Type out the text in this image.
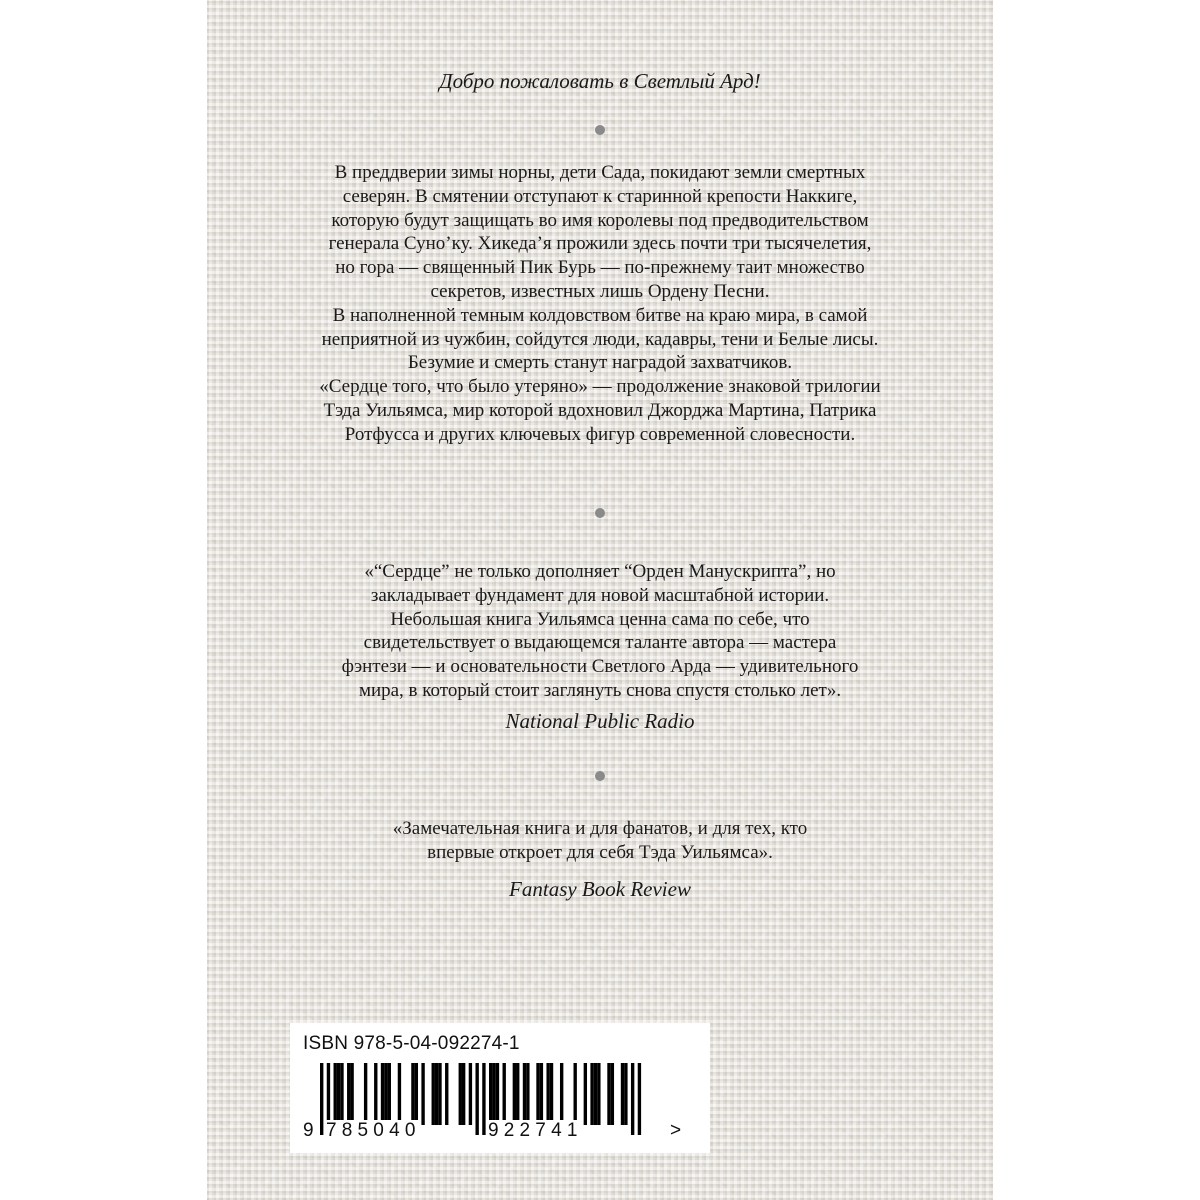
Добро пожаловать в Светлый Ард!
В преддверии зимы норны, дети Сада, покидают земли смертных
северян. В смятении отступают к старинной крепости Наккиге,
которую будут защищать во имя королевы под предводительством
генерала Суно’ку. Хикеда’я прожили здесь почти три тысячелетия,
но гора — священный Пик Бурь — по-прежнему таит множество
секретов, известных лишь Ордену Песни.
В наполненной темным колдовством битве на краю мира, в самой
неприятной из чужбин, сойдутся люди, кадавры, тени и Белые лисы.
Безумие и смерть станут наградой захватчиков.
«Сердце того, что было утеряно» — продолжение знаковой трилогии
Тэда Уильямса, мир которой вдохновил Джорджа Мартина, Патрика
Ротфусса и других ключевых фигур современной словесности.
«“Сердце” не только дополняет “Орден Манускрипта”, но
закладывает фундамент для новой масштабной истории.
Небольшая книга Уильямса ценна сама по себе, что
свидетельствует о выдающемся таланте автора — мастера
фэнтези — и основательности Светлого Арда — удивительного
мира, в который стоит заглянуть снова спустя столько лет».
National Public Radio
«Замечательная книга и для фанатов, и для тех, кто
впервые откроет для себя Тэда Уильямса».
Fantasy Book Review
ISBN 978-5-04-092274-1
9 785040	922741	>
